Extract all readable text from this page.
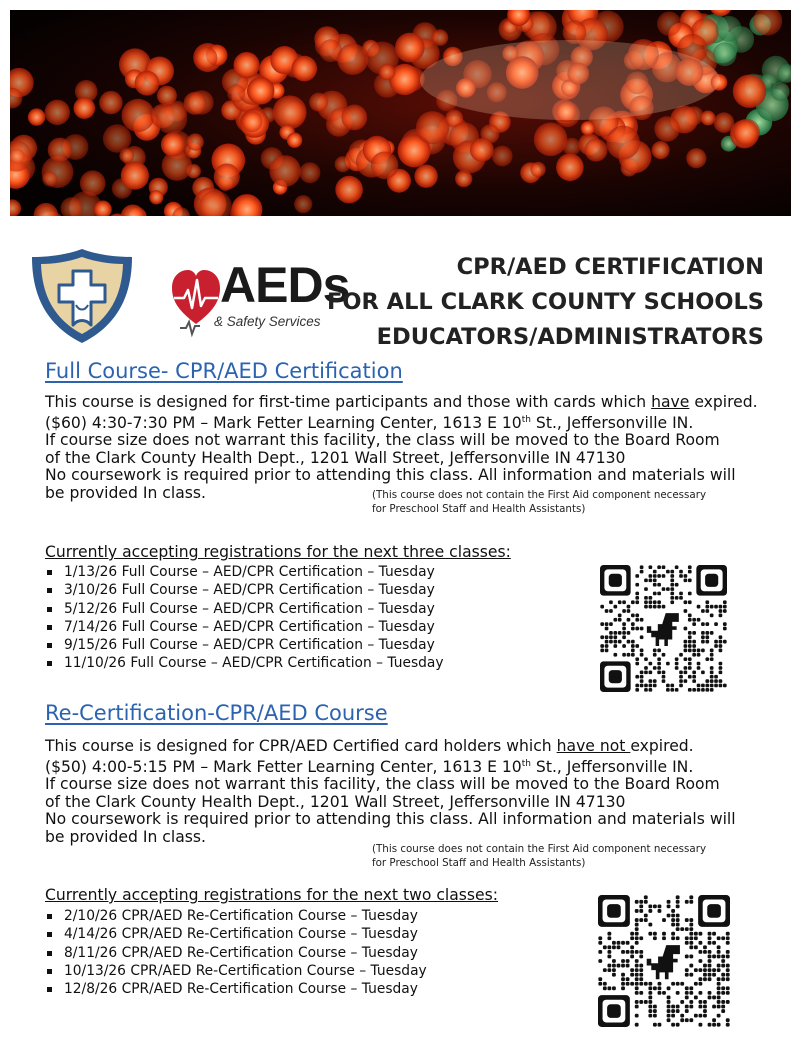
AEDs
& Safety Services
CPR/AED CERTIFICATION
FOR ALL CLARK COUNTY SCHOOLS
EDUCATORS/ADMINISTRATORS
Full Course- CPR/AED Certification
This course is designed for first-time participants and those with cards which have expired.
($60) 4:30-7:30 PM – Mark Fetter Learning Center, 1613 E 10th St., Jeffersonville IN.
If course size does not warrant this facility, the class will be moved to the Board Room
of the Clark County Health Dept., 1201 Wall Street, Jeffersonville IN 47130
No coursework is required prior to attending this class. All information and materials will
be provided In class.	(This course does not contain the First Aid component necessary
for Preschool Staff and Health Assistants)
Currently accepting registrations for the next three classes:
1/13/26 Full Course – AED/CPR Certification – Tuesday
3/10/26 Full Course – AED/CPR Certification – Tuesday
5/12/26 Full Course – AED/CPR Certification – Tuesday
7/14/26 Full Course – AED/CPR Certification – Tuesday
9/15/26 Full Course – AED/CPR Certification – Tuesday
11/10/26 Full Course – AED/CPR Certification – Tuesday
Re-Certification-CPR/AED Course
This course is designed for CPR/AED Certified card holders which have not expired.
($50) 4:00-5:15 PM – Mark Fetter Learning Center, 1613 E 10th St., Jeffersonville IN.
If course size does not warrant this facility, the class will be moved to the Board Room
of the Clark County Health Dept., 1201 Wall Street, Jeffersonville IN 47130
No coursework is required prior to attending this class. All information and materials will
be provided In class.
(This course does not contain the First Aid component necessary
for Preschool Staff and Health Assistants)
Currently accepting registrations for the next two classes:
2/10/26 CPR/AED Re-Certification Course – Tuesday
4/14/26 CPR/AED Re-Certification Course – Tuesday
8/11/26 CPR/AED Re-Certification Course – Tuesday
10/13/26 CPR/AED Re-Certification Course – Tuesday
12/8/26 CPR/AED Re-Certification Course – Tuesday
